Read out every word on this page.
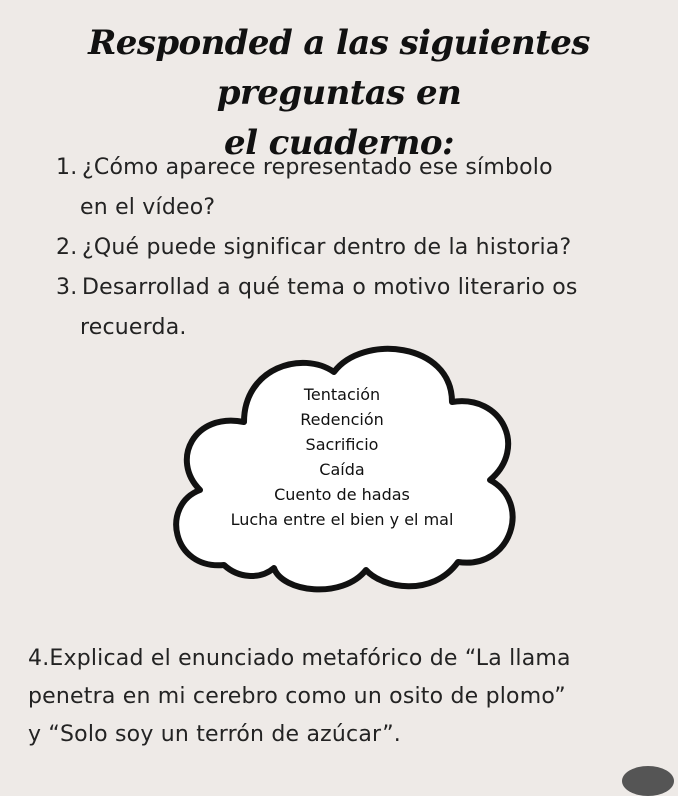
Responded a las siguientes preguntas en
el cuaderno:
1. ¿Cómo aparece representado ese símbolo
en el vídeo?
2. ¿Qué puede significar dentro de la historia?
3. Desarrollad a qué tema o motivo literario os
recuerda.
Tentación
Redención
Sacrificio
Caída
Cuento de hadas
Lucha entre el bien y el mal
4.Explicad el enunciado metafórico de “La llama
penetra en mi cerebro como un osito de plomo”
y “Solo soy un terrón de azúcar”.
